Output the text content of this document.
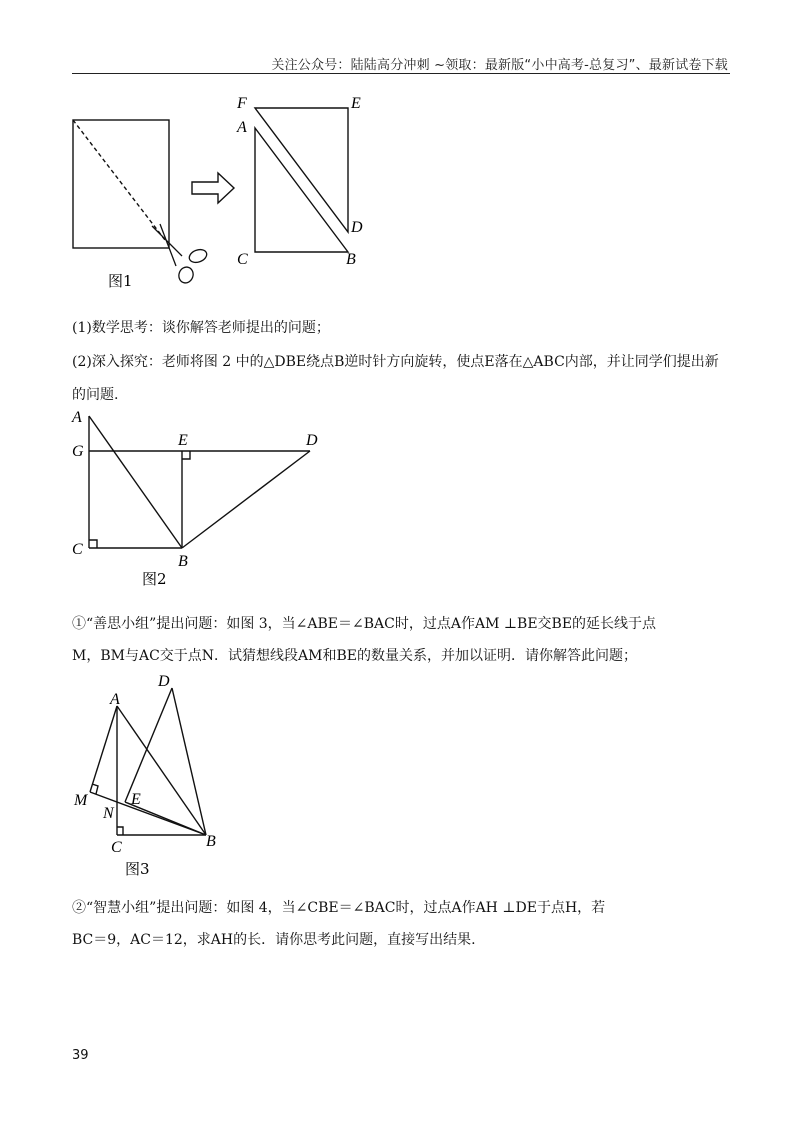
关注公众号：陆陆高分冲刺 ~领取：最新版“小中高考-总复习”、最新试卷下载
F	E
A
D
C	B
图1
(1)数学思考：谈你解答老师提出的问题；
(2)深入探究：老师将图 2 中的△DBE绕点B逆时针方向旋转，使点E落在△ABC内部，并让同学们提出新
的问题.
A
G
E	D
C
B
图2
①“善思小组”提出问题：如图 3，当∠ABE＝∠BAC时，过点A作AM ⊥BE交BE的延长线于点
M，BM与AC交于点N．试猜想线段AM和BE的数量关系，并加以证明．请你解答此问题；
D
A
M	E
N
C	B
图3
②“智慧小组”提出问题：如图 4，当∠CBE＝∠BAC时，过点A作AH ⊥DE于点H，若
BC＝9，AC＝12，求AH的长．请你思考此问题，直接写出结果.
39
